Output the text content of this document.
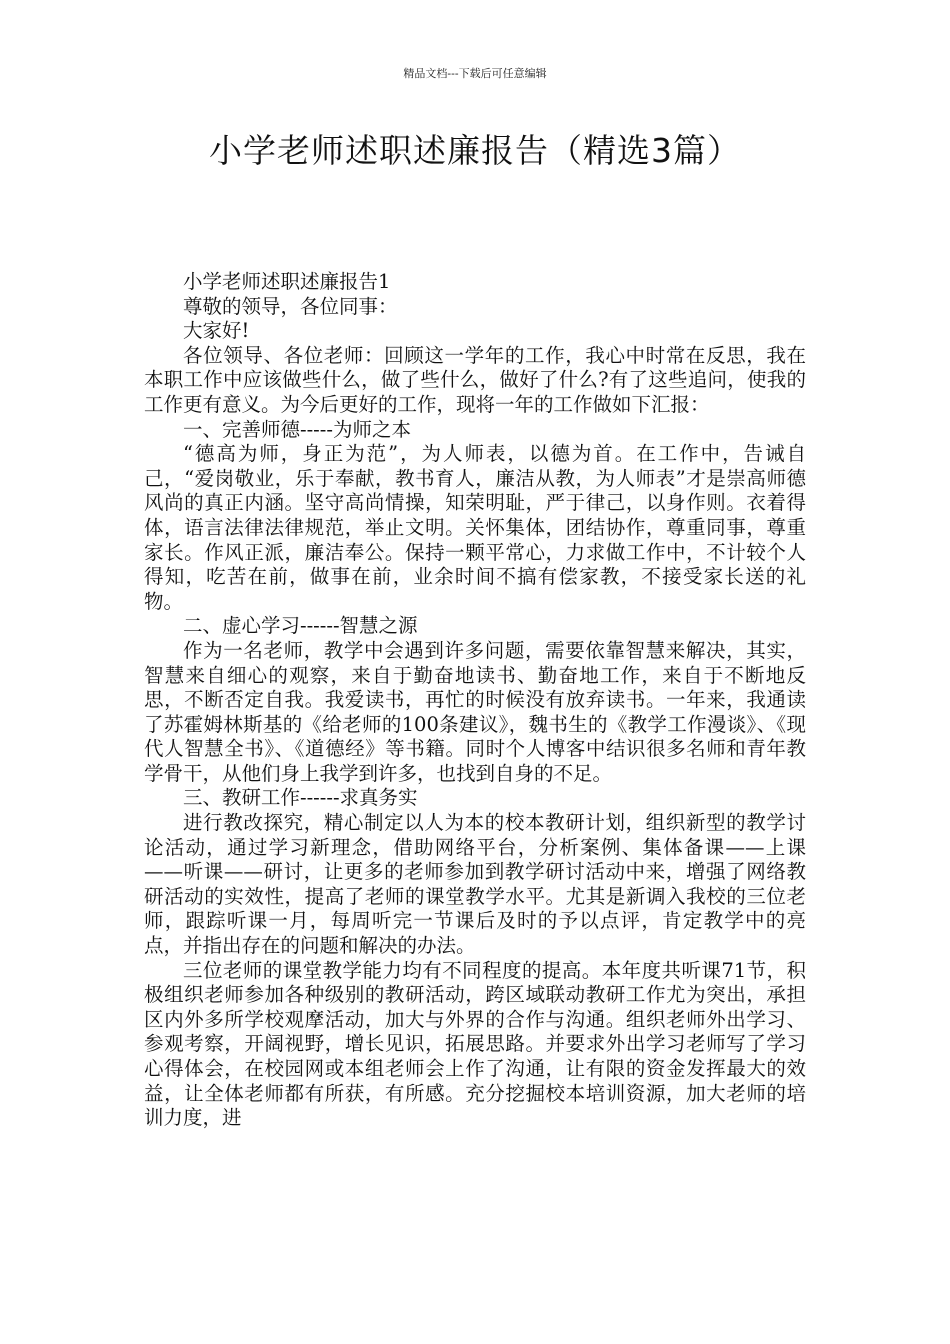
精品文档---下载后可任意编辑
小学老师述职述廉报告（精选3篇）

小学老师述职述廉报告1

尊敬的领导，各位同事：

大家好!

各位领导、各位老师：回顾这一学年的工作，我心中时常在反思，我在本职工作中应该做些什么，做了些什么，做好了什么?有了这些追问，使我的工作更有意义。为今后更好的工作，现将一年的工作做如下汇报：

一、完善师德-----为师之本

“德高为师，身正为范”，为人师表，以德为首。在工作中，告诫自己，“爱岗敬业，乐于奉献，教书育人，廉洁从教，为人师表”才是崇高师德风尚的真正内涵。坚守高尚情操，知荣明耻，严于律己，以身作则。衣着得体，语言法律法律规范，举止文明。关怀集体，团结协作，尊重同事，尊重家长。作风正派，廉洁奉公。保持一颗平常心，力求做工作中，不计较个人得知，吃苦在前，做事在前，业余时间不搞有偿家教，不接受家长送的礼物。

二、虚心学习------智慧之源

作为一名老师，教学中会遇到许多问题，需要依靠智慧来解决，其实，智慧来自细心的观察，来自于勤奋地读书、勤奋地工作，来自于不断地反思，不断否定自我。我爱读书，再忙的时候没有放弃读书。一年来，我通读了苏霍姆林斯基的《给老师的100条建议》，魏书生的《教学工作漫谈》、《现代人智慧全书》、《道德经》等书籍。同时个人博客中结识很多名师和青年教学骨干，从他们身上我学到许多，也找到自身的不足。

三、教研工作------求真务实

进行教改探究，精心制定以人为本的校本教研计划，组织新型的教学讨论活动，通过学习新理念，借助网络平台，分析案例、集体备课——上课——听课——研讨，让更多的老师参加到教学研讨活动中来，增强了网络教研活动的实效性，提高了老师的课堂教学水平。尤其是新调入我校的三位老师，跟踪听课一月，每周听完一节课后及时的予以点评，肯定教学中的亮点，并指出存在的问题和解决的办法。

三位老师的课堂教学能力均有不同程度的提高。本年度共听课71节，积极组织老师参加各种级别的教研活动，跨区域联动教研工作尤为突出，承担区内外多所学校观摩活动，加大与外界的合作与沟通。组织老师外出学习、参观考察，开阔视野，增长见识，拓展思路。并要求外出学习老师写了学习心得体会，在校园网或本组老师会上作了沟通，让有限的资金发挥最大的效益，让全体老师都有所获，有所感。充分挖掘校本培训资源，加大老师的培训力度，进
